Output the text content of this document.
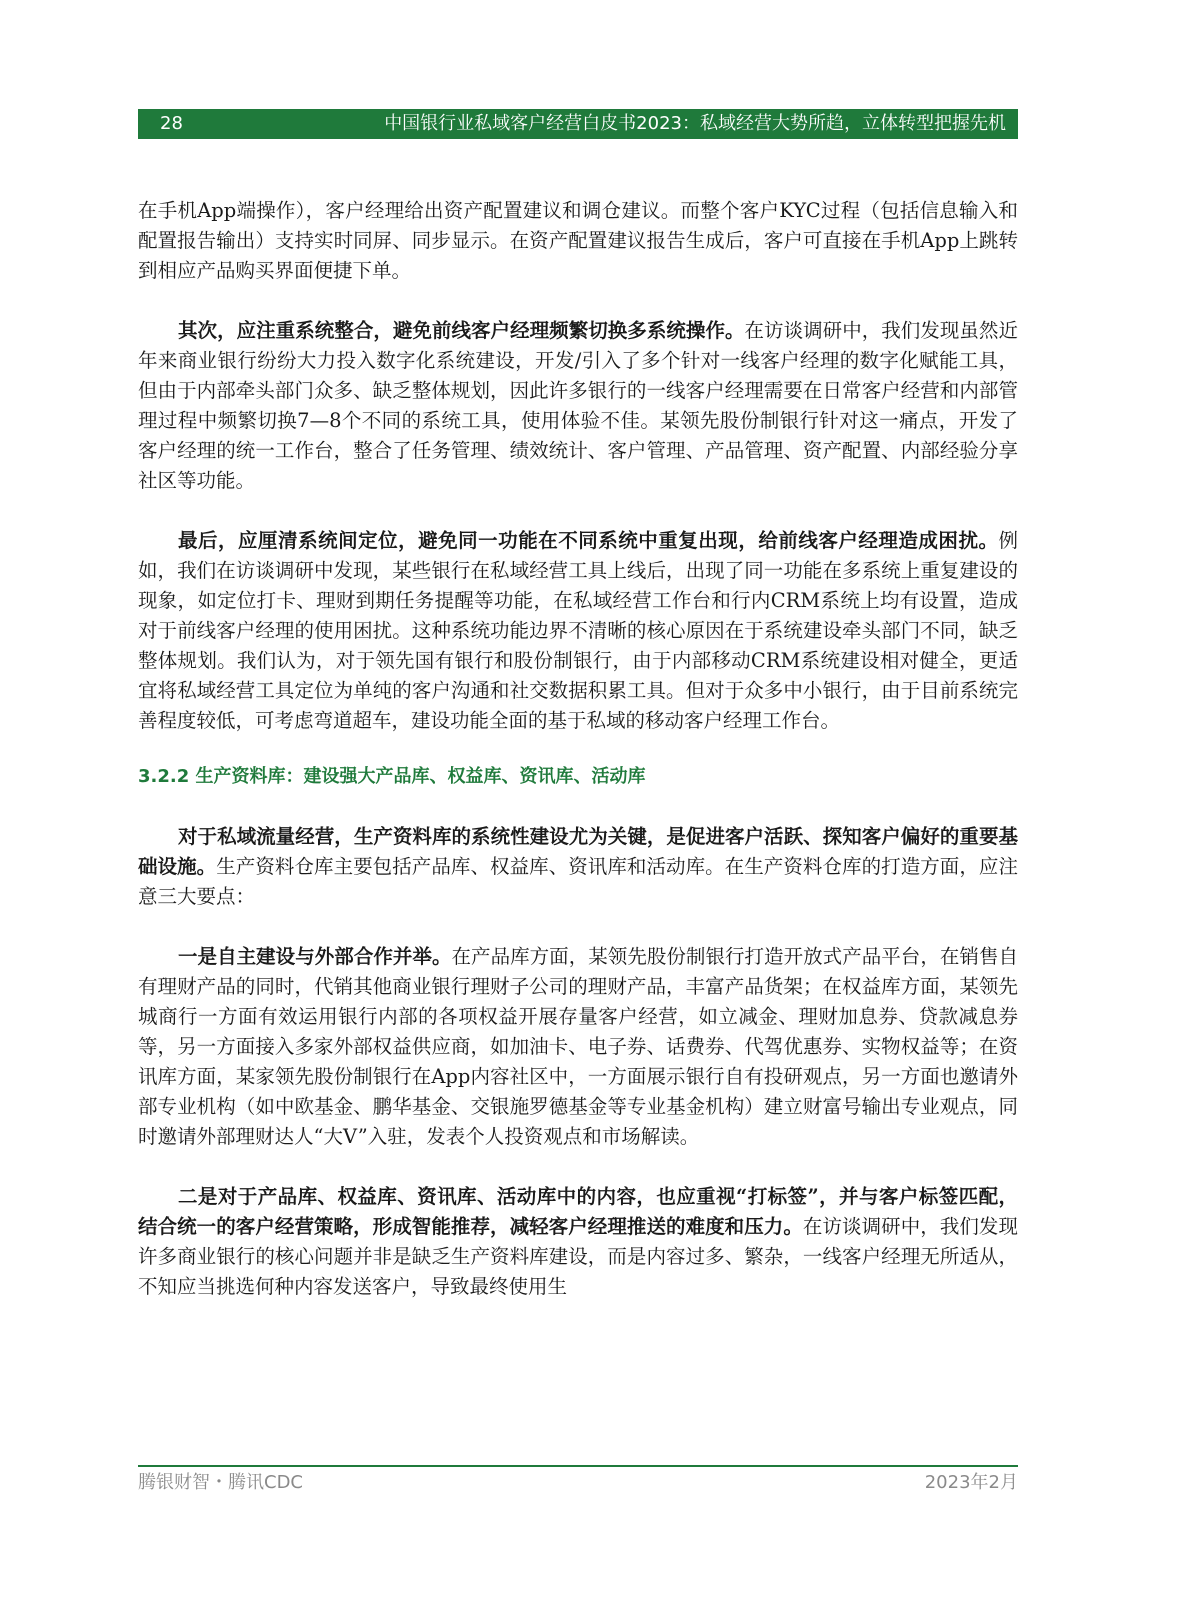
28	中国银行业私域客户经营白皮书2023：私域经营大势所趋，立体转型把握先机

在手机App端操作），客户经理给出资产配置建议和调仓建议。而整个客户KYC过程（包括信息输入和配置报告输出）支持实时同屏、同步显示。在资产配置建议报告生成后，客户可直接在手机App上跳转到相应产品购买界面便捷下单。

其次，应注重系统整合，避免前线客户经理频繁切换多系统操作。在访谈调研中，我们发现虽然近年来商业银行纷纷大力投入数字化系统建设，开发/引入了多个针对一线客户经理的数字化赋能工具，但由于内部牵头部门众多、缺乏整体规划，因此许多银行的一线客户经理需要在日常客户经营和内部管理过程中频繁切换7—8个不同的系统工具，使用体验不佳。某领先股份制银行针对这一痛点，开发了客户经理的统一工作台，整合了任务管理、绩效统计、客户管理、产品管理、资产配置、内部经验分享社区等功能。

最后，应厘清系统间定位，避免同一功能在不同系统中重复出现，给前线客户经理造成困扰。例如，我们在访谈调研中发现，某些银行在私域经营工具上线后，出现了同一功能在多系统上重复建设的现象，如定位打卡、理财到期任务提醒等功能，在私域经营工作台和行内CRM系统上均有设置，造成对于前线客户经理的使用困扰。这种系统功能边界不清晰的核心原因在于系统建设牵头部门不同，缺乏整体规划。我们认为，对于领先国有银行和股份制银行，由于内部移动CRM系统建设相对健全，更适宜将私域经营工具定位为单纯的客户沟通和社交数据积累工具。但对于众多中小银行，由于目前系统完善程度较低，可考虑弯道超车，建设功能全面的基于私域的移动客户经理工作台。

3.2.2 生产资料库：建设强大产品库、权益库、资讯库、活动库

对于私域流量经营，生产资料库的系统性建设尤为关键，是促进客户活跃、探知客户偏好的重要基础设施。生产资料仓库主要包括产品库、权益库、资讯库和活动库。在生产资料仓库的打造方面，应注意三大要点：

一是自主建设与外部合作并举。在产品库方面，某领先股份制银行打造开放式产品平台，在销售自有理财产品的同时，代销其他商业银行理财子公司的理财产品，丰富产品货架；在权益库方面，某领先城商行一方面有效运用银行内部的各项权益开展存量客户经营，如立减金、理财加息券、贷款减息券等，另一方面接入多家外部权益供应商，如加油卡、电子券、话费券、代驾优惠券、实物权益等；在资讯库方面，某家领先股份制银行在App内容社区中，一方面展示银行自有投研观点，另一方面也邀请外部专业机构（如中欧基金、鹏华基金、交银施罗德基金等专业基金机构）建立财富号输出专业观点，同时邀请外部理财达人“大V”入驻，发表个人投资观点和市场解读。

二是对于产品库、权益库、资讯库、活动库中的内容，也应重视“打标签”，并与客户标签匹配，结合统一的客户经营策略，形成智能推荐，减轻客户经理推送的难度和压力。在访谈调研中，我们发现许多商业银行的核心问题并非是缺乏生产资料库建设，而是内容过多、繁杂，一线客户经理无所适从，不知应当挑选何种内容发送客户，导致最终使用生

腾银财智・腾讯CDC	2023年2月
